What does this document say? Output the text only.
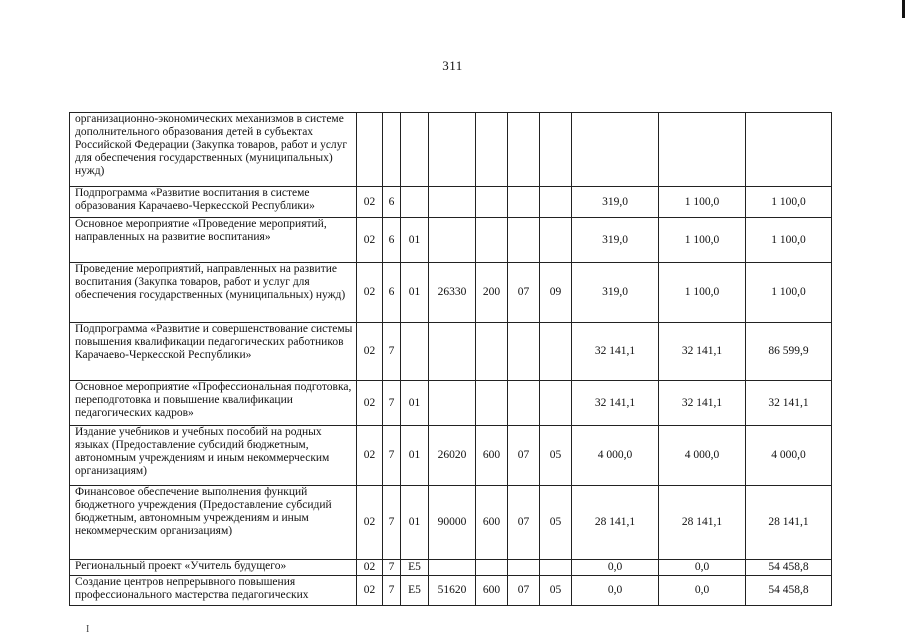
311
организационно-экономических механизмов в системе дополнительного образования детей в субъектах Российской Федерации (Закупка товаров, работ и услуг для обеспечения государственных (муниципальных) нужд)										
Подпрограмма «Развитие воспитания в системе образования Карачаево-Черкесской Республики»	02	6						319,0	1 100,0	1 100,0
Основное мероприятие «Проведение мероприятий, направленных на развитие воспитания»	02	6	01					319,0	1 100,0	1 100,0
Проведение мероприятий, направленных на развитие воспитания (Закупка товаров, работ и услуг для обеспечения государственных (муниципальных) нужд)	02	6	01	26330	200	07	09	319,0	1 100,0	1 100,0
Подпрограмма «Развитие и совершенствование системы повышения квалификации педагогических работников Карачаево-Черкесской Республики»	02	7						32 141,1	32 141,1	86 599,9
Основное мероприятие «Профессиональная подготовка, переподготовка и повышение квалификации педагогических кадров»	02	7	01					32 141,1	32 141,1	32 141,1
Издание учебников и учебных пособий на родных языках (Предоставление субсидий бюджетным, автономным учреждениям и иным некоммерческим организациям)	02	7	01	26020	600	07	05	4 000,0	4 000,0	4 000,0
Финансовое обеспечение выполнения функций бюджетного учреждения (Предоставление субсидий бюджетным, автономным учреждениям и иным некоммерческим организациям)	02	7	01	90000	600	07	05	28 141,1	28 141,1	28 141,1
Региональный проект «Учитель будущего»	02	7	E5					0,0	0,0	54 458,8
Создание центров непрерывного повышения профессионального мастерства педагогических	02	7	E5	51620	600	07	05	0,0	0,0	54 458,8
I
